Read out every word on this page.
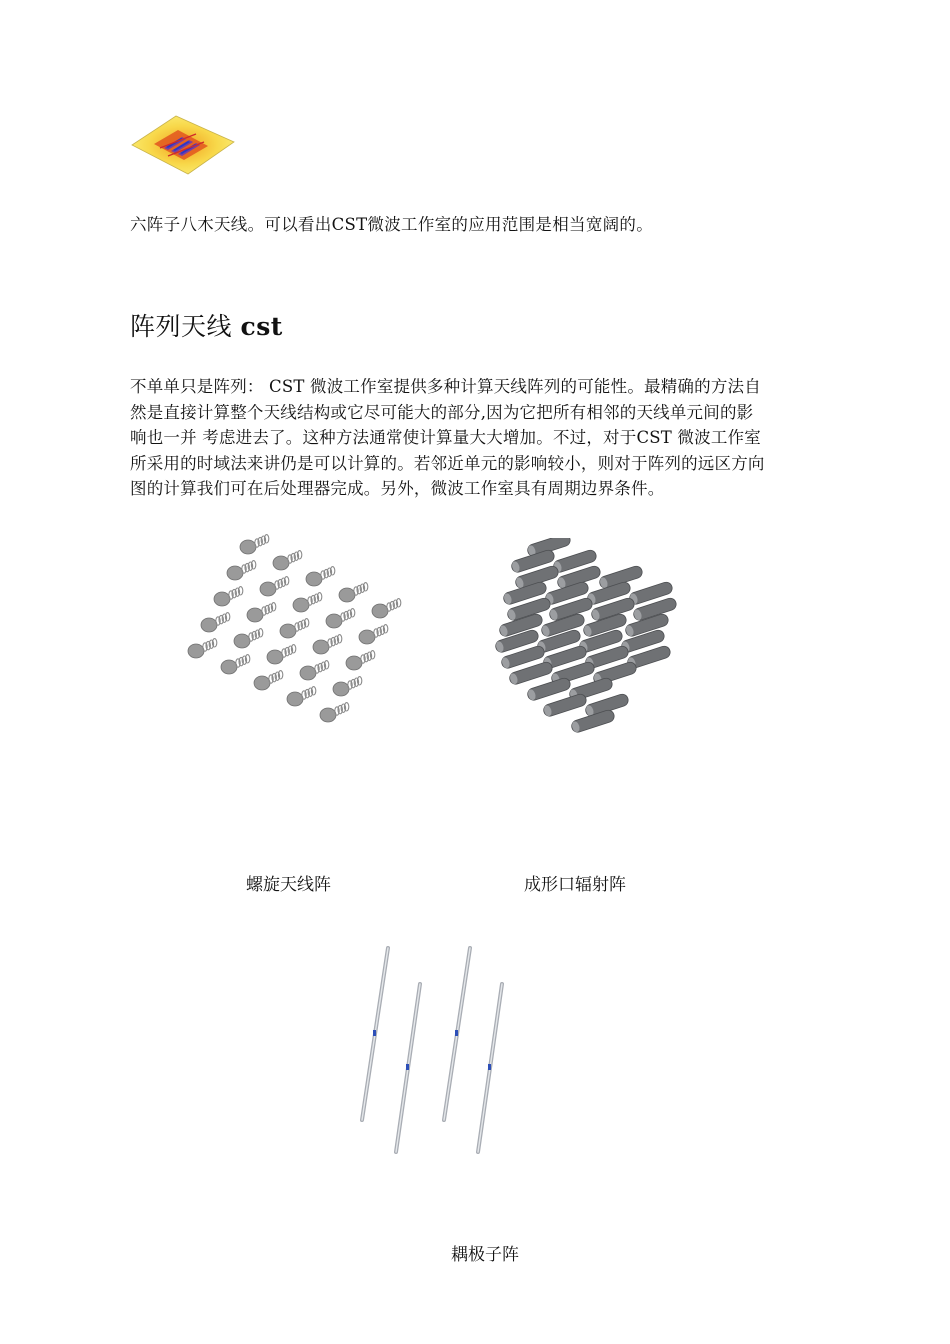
六阵子八木天线。可以看出CST微波工作室的应用范围是相当宽阔的。
阵列天线 cst
不单单只是阵列： CST 微波工作室提供多种计算天线阵列的可能性。最精确的方法自
然是直接计算整个天线结构或它尽可能大的部分,因为它把所有相邻的天线单元间的影
响也一并 考虑进去了。这种方法通常使计算量大大增加。不过，对于CST 微波工作室
所采用的时域法来讲仍是可以计算的。若邻近单元的影响较小，则对于阵列的远区方向
图的计算我们可在后处理器完成。另外，微波工作室具有周期边界条件。
螺旋天线阵	成形口辐射阵
耦极子阵
